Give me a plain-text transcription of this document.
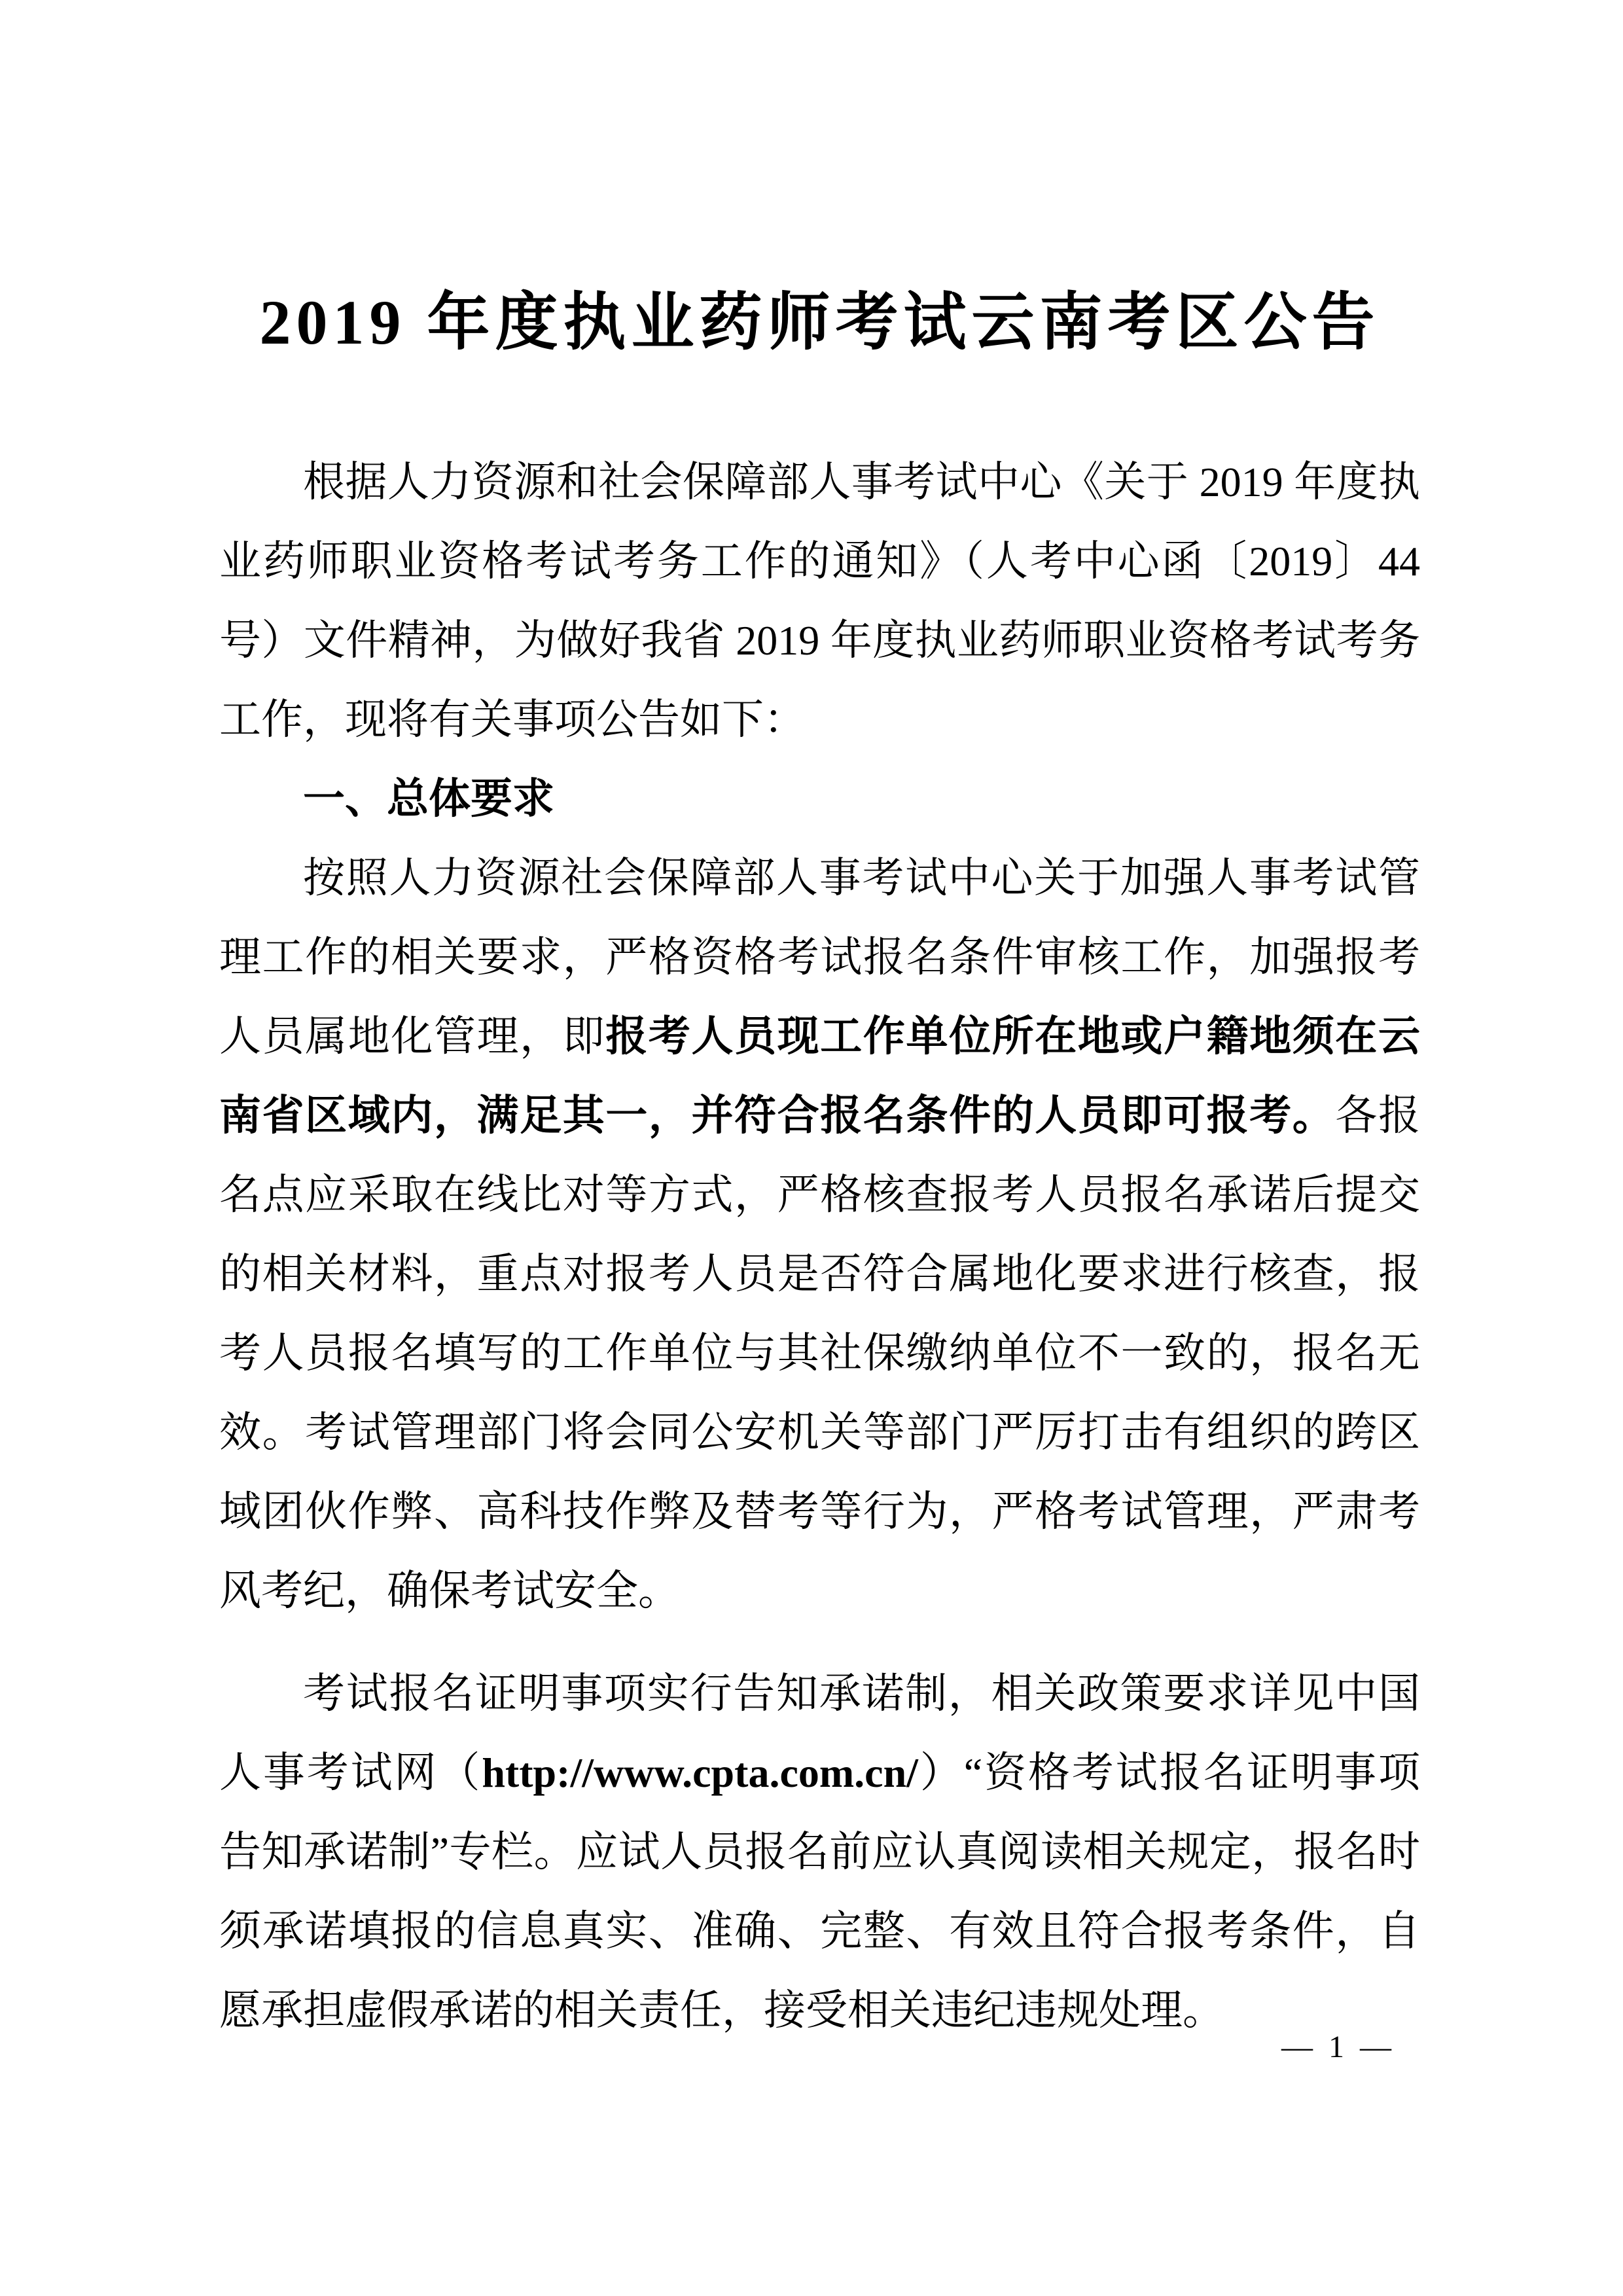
2019 年度执业药师考试云南考区公告

根据人力资源和社会保障部人事考试中心《关于 2019 年度执业药师职业资格考试考务工作的通知》（人考中心函〔2019〕44 号）文件精神，为做好我省 2019 年度执业药师职业资格考试考务工作，现将有关事项公告如下：

一、总体要求

按照人力资源社会保障部人事考试中心关于加强人事考试管理工作的相关要求，严格资格考试报名条件审核工作，加强报考人员属地化管理，即报考人员现工作单位所在地或户籍地须在云南省区域内，满足其一，并符合报名条件的人员即可报考。各报名点应采取在线比对等方式，严格核查报考人员报名承诺后提交的相关材料，重点对报考人员是否符合属地化要求进行核查，报考人员报名填写的工作单位与其社保缴纳单位不一致的，报名无效。考试管理部门将会同公安机关等部门严厉打击有组织的跨区域团伙作弊、高科技作弊及替考等行为，严格考试管理，严肃考风考纪，确保考试安全。

考试报名证明事项实行告知承诺制，相关政策要求详见中国人事考试网（http://www.cpta.com.cn/）“资格考试报名证明事项告知承诺制”专栏。应试人员报名前应认真阅读相关规定，报名时须承诺填报的信息真实、准确、完整、有效且符合报考条件，自愿承担虚假承诺的相关责任，接受相关违纪违规处理。

— 1 —
